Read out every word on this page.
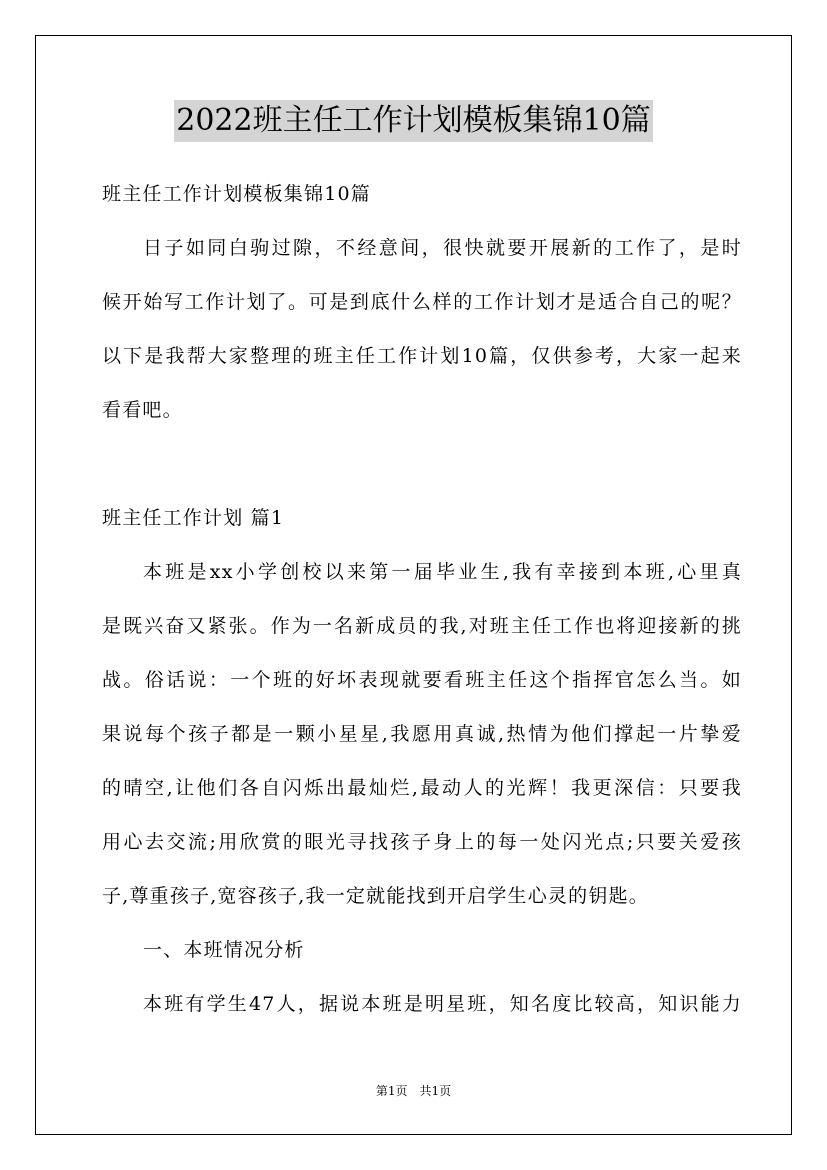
2022班主任工作计划模板集锦10篇
班主任工作计划模板集锦10篇
日子如同白驹过隙，不经意间，很快就要开展新的工作了，是时
候开始写工作计划了。可是到底什么样的工作计划才是适合自己的呢？
以下是我帮大家整理的班主任工作计划10篇，仅供参考，大家一起来
看看吧。
班主任工作计划 篇1
本班是xx小学创校以来第一届毕业生,我有幸接到本班,心里真
是既兴奋又紧张。作为一名新成员的我,对班主任工作也将迎接新的挑
战。俗话说：一个班的好坏表现就要看班主任这个指挥官怎么当。如
果说每个孩子都是一颗小星星,我愿用真诚,热情为他们撑起一片挚爱
的晴空,让他们各自闪烁出最灿烂,最动人的光辉！我更深信：只要我
用心去交流;用欣赏的眼光寻找孩子身上的每一处闪光点;只要关爱孩
子,尊重孩子,宽容孩子,我一定就能找到开启学生心灵的钥匙。
一、本班情况分析
本班有学生47人，据说本班是明星班，知名度比较高，知识能力
第1页　共1页
